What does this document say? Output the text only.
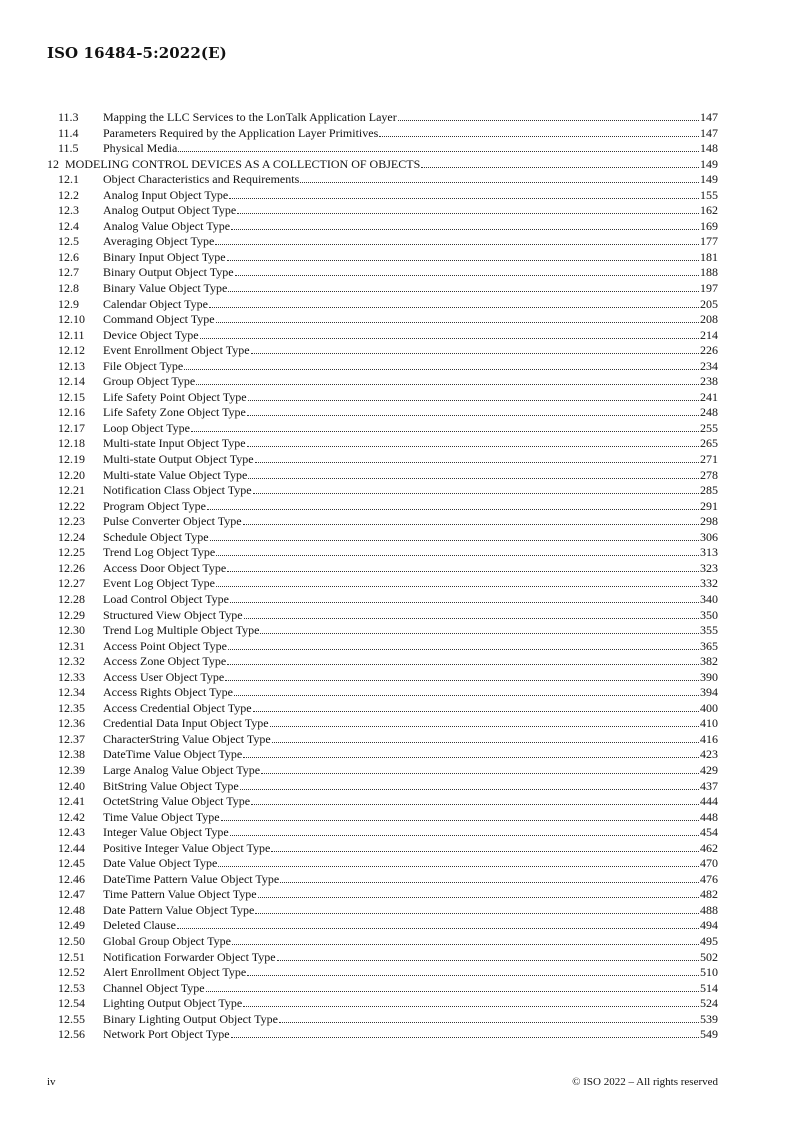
ISO 16484-5:2022(E)
11.3	Mapping the LLC Services to the LonTalk Application Layer	147
11.4	Parameters Required by the Application Layer Primitives	147
11.5	Physical Media	148
12 MODELING CONTROL DEVICES AS A COLLECTION OF OBJECTS	149
12.1	Object Characteristics and Requirements	149
12.2	Analog Input Object Type	155
12.3	Analog Output Object Type	162
12.4	Analog Value Object Type	169
12.5	Averaging Object Type	177
12.6	Binary Input Object Type	181
12.7	Binary Output Object Type	188
12.8	Binary Value Object Type	197
12.9	Calendar Object Type	205
12.10	Command Object Type	208
12.11	Device Object Type	214
12.12	Event Enrollment Object Type	226
12.13	File Object Type	234
12.14	Group Object Type	238
12.15	Life Safety Point Object Type	241
12.16	Life Safety Zone Object Type	248
12.17	Loop Object Type	255
12.18	Multi-state Input Object Type	265
12.19	Multi-state Output Object Type	271
12.20	Multi-state Value Object Type	278
12.21	Notification Class Object Type	285
12.22	Program Object Type	291
12.23	Pulse Converter Object Type	298
12.24	Schedule Object Type	306
12.25	Trend Log Object Type	313
12.26	Access Door Object Type	323
12.27	Event Log Object Type	332
12.28	Load Control Object Type	340
12.29	Structured View Object Type	350
12.30	Trend Log Multiple Object Type	355
12.31	Access Point Object Type	365
12.32	Access Zone Object Type	382
12.33	Access User Object Type	390
12.34	Access Rights Object Type	394
12.35	Access Credential Object Type	400
12.36	Credential Data Input Object Type	410
12.37	CharacterString Value Object Type	416
12.38	DateTime Value Object Type	423
12.39	Large Analog Value Object Type	429
12.40	BitString Value Object Type	437
12.41	OctetString Value Object Type	444
12.42	Time Value Object Type	448
12.43	Integer Value Object Type	454
12.44	Positive Integer Value Object Type	462
12.45	Date Value Object Type	470
12.46	DateTime Pattern Value Object Type	476
12.47	Time Pattern Value Object Type	482
12.48	Date Pattern Value Object Type	488
12.49	Deleted Clause	494
12.50	Global Group Object Type	495
12.51	Notification Forwarder Object Type	502
12.52	Alert Enrollment Object Type	510
12.53	Channel Object Type	514
12.54	Lighting Output Object Type	524
12.55	Binary Lighting Output Object Type	539
12.56	Network Port Object Type	549
iv	© ISO 2022 – All rights reserved
